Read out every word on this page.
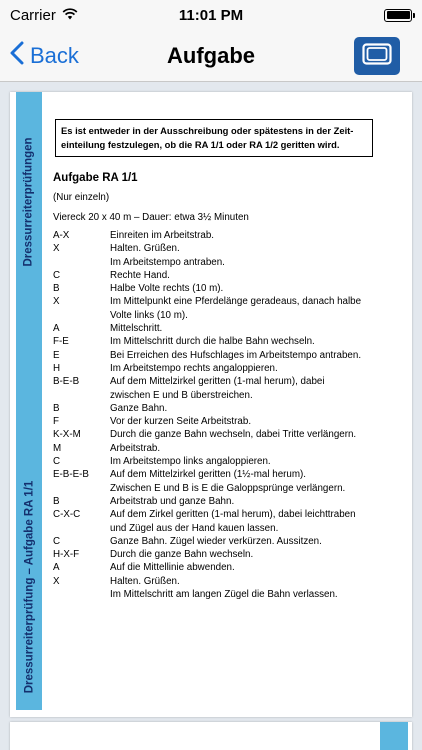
Carrier	11:01 PM
Back	Aufgabe
Dressurreiterprüfungen
Dressurreiterprüfung – Aufgabe RA 1/1
Es ist entweder in der Ausschreibung oder spätestens in der Zeit- einteilung festzulegen, ob die RA 1/1 oder RA 1/2 geritten wird.
Aufgabe RA 1/1
(Nur einzeln)
Viereck 20 x 40 m – Dauer: etwa 3½ Minuten
A-X	Einreiten im Arbeitstrab.
X	Halten. Grüßen.
Im Arbeitstempo antraben.
C	Rechte Hand.
B	Halbe Volte rechts (10 m).
X	Im Mittelpunkt eine Pferdelänge geradeaus, danach halbe
Volte links (10 m).
A	Mittelschritt.
F-E	Im Mittelschritt durch die halbe Bahn wechseln.
E	Bei Erreichen des Hufschlages im Arbeitstempo antraben.
H	Im Arbeitstempo rechts angaloppieren.
B-E-B	Auf dem Mittelzirkel geritten (1-mal herum), dabei
zwischen E und B überstreichen.
B	Ganze Bahn.
F	Vor der kurzen Seite Arbeitstrab.
K-X-M	Durch die ganze Bahn wechseln, dabei Tritte verlängern.
M	Arbeitstrab.
C	Im Arbeitstempo links angaloppieren.
E-B-E-B	Auf dem Mittelzirkel geritten (1½-mal herum).
Zwischen E und B is E die Galoppsprünge verlängern.
B	Arbeitstrab und ganze Bahn.
C-X-C	Auf dem Zirkel geritten (1-mal herum), dabei leichttraben
und Zügel aus der Hand kauen lassen.
C	Ganze Bahn. Zügel wieder verkürzen. Aussitzen.
H-X-F	Durch die ganze Bahn wechseln.
A	Auf die Mittellinie abwenden.
X	Halten. Grüßen.
Im Mittelschritt am langen Zügel die Bahn verlassen.
